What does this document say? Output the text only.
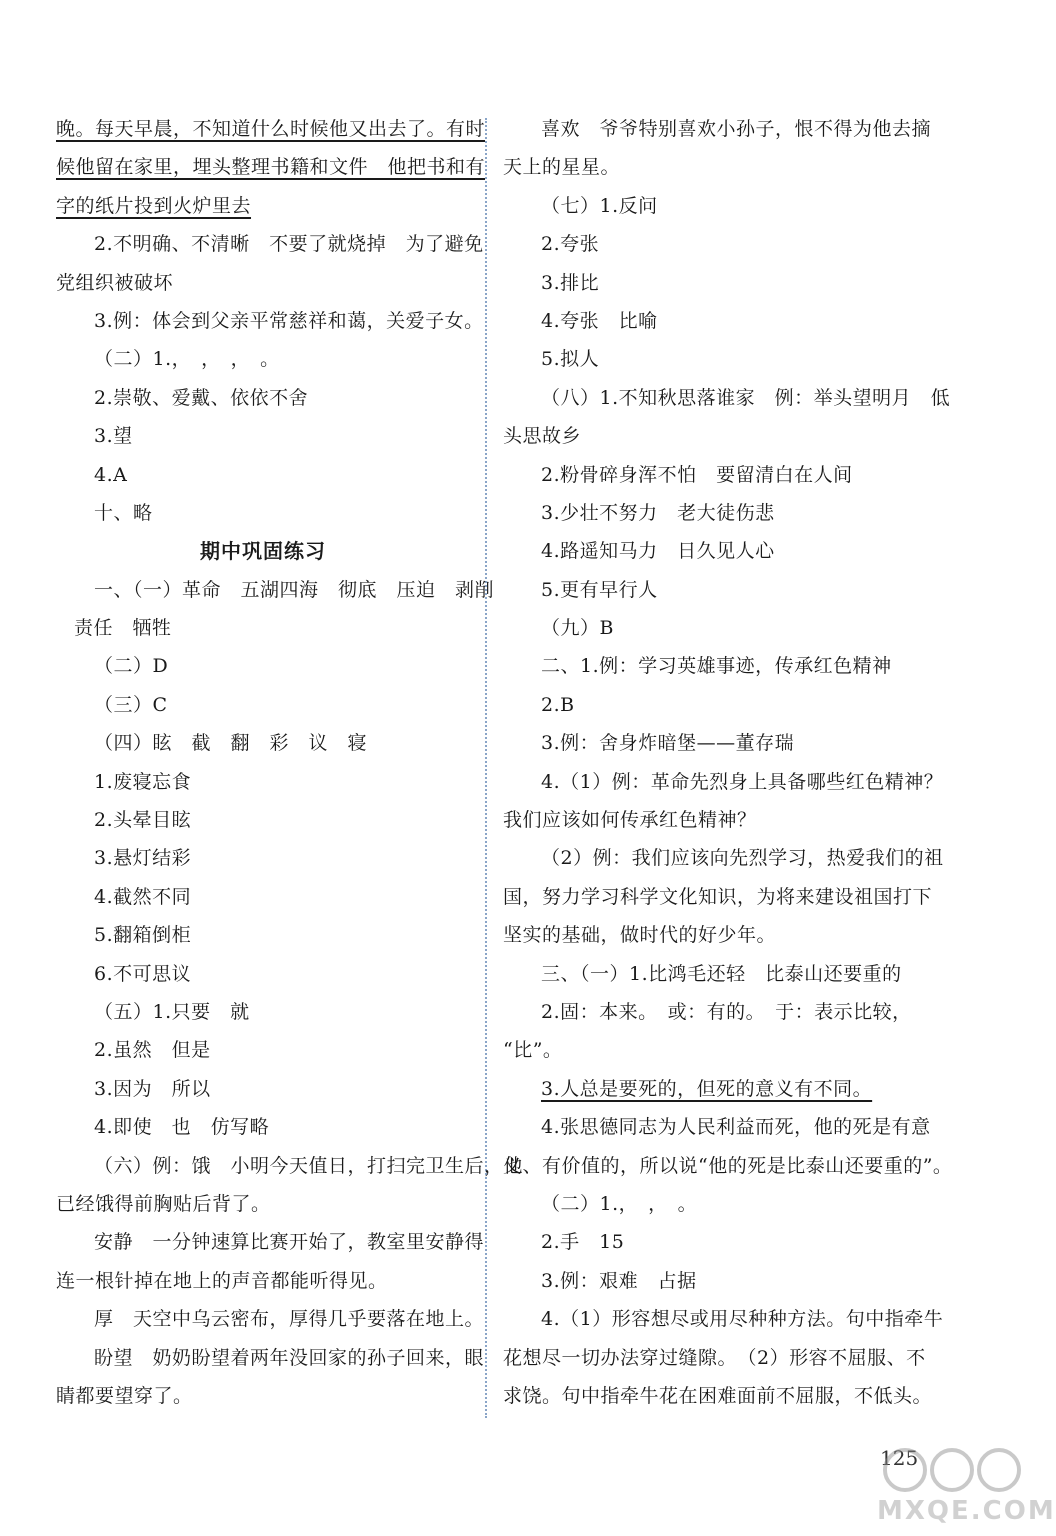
晚。每天早晨，不知道什么时候他又出去了。有时
候他留在家里，埋头整理书籍和文件　他把书和有
字的纸片投到火炉里去
2.不明确、不清晰　不要了就烧掉　为了避免
党组织被破坏
3.例：体会到父亲平常慈祥和蔼，关爱子女。
（二）1.，　，　，　。
2.崇敬、爱戴、依依不舍
3.望
4.A
十、略
期中巩固练习
一、（一）革命　五湖四海　彻底　压迫　剥削
责任　牺牲
（二）D
（三）C
（四）眩　截　翻　彩　议　寝
1.废寝忘食
2.头晕目眩
3.悬灯结彩
4.截然不同
5.翻箱倒柜
6.不可思议
（五）1.只要　就
2.虽然　但是
3.因为　所以
4.即使　也　仿写略
（六）例：饿　小明今天值日，打扫完卫生后，他
已经饿得前胸贴后背了。
安静　一分钟速算比赛开始了，教室里安静得
连一根针掉在地上的声音都能听得见。
厚　天空中乌云密布，厚得几乎要落在地上。
盼望　奶奶盼望着两年没回家的孙子回来，眼
睛都要望穿了。
喜欢　爷爷特别喜欢小孙子，恨不得为他去摘
天上的星星。
（七）1.反问
2.夸张
3.排比
4.夸张　比喻
5.拟人
（八）1.不知秋思落谁家　例：举头望明月　低
头思故乡
2.粉骨碎身浑不怕　要留清白在人间
3.少壮不努力　老大徒伤悲
4.路遥知马力　日久见人心
5.更有早行人
（九）B
二、1.例：学习英雄事迹，传承红色精神
2.B
3.例：舍身炸暗堡——董存瑞
4.（1）例：革命先烈身上具备哪些红色精神？
我们应该如何传承红色精神？
（2）例：我们应该向先烈学习，热爱我们的祖
国，努力学习科学文化知识，为将来建设祖国打下
坚实的基础，做时代的好少年。
三、（一）1.比鸿毛还轻　比泰山还要重的
2.固：本来。　或：有的。　于：表示比较，
“比”。
3.人总是要死的，但死的意义有不同。
4.张思德同志为人民利益而死，他的死是有意
义、有价值的，所以说“他的死是比泰山还要重的”。
（二）1.，　，　。
2.手　15
3.例：艰难　占据
4.（1）形容想尽或用尽种种方法。句中指牵牛
花想尽一切办法穿过缝隙。　（2）形容不屈服、不
求饶。句中指牵牛花在困难面前不屈服，不低头。
125
MXQE.COM
